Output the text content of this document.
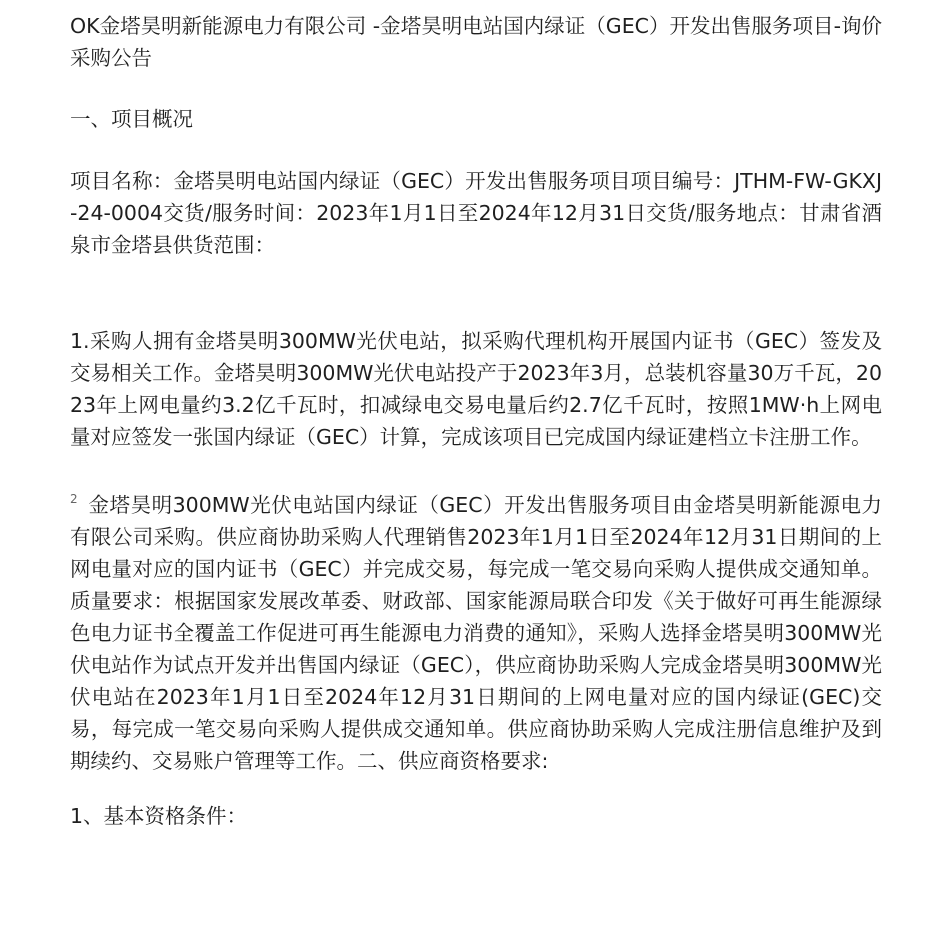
OK金塔昊明新能源电力有限公司 -金塔昊明电站国内绿证（GEC）开发出售服务项目-询价采购公告

一、项目概况

项目名称：金塔昊明电站国内绿证（GEC）开发出售服务项目项目编号：JTHM-FW-GKXJ-24-0004交货/服务时间：2023年1月1日至2024年12月31日交货/服务地点：甘肃省酒泉市金塔县供货范围：

1.采购人拥有金塔昊明300MW光伏电站，拟采购代理机构开展国内证书（GEC）签发及交易相关工作。金塔昊明300MW光伏电站投产于2023年3月，总装机容量30万千瓦，2023年上网电量约3.2亿千瓦时，扣减绿电交易电量后约2.7亿千瓦时，按照1MW·h上网电量对应签发一张国内绿证（GEC）计算，完成该项目已完成国内绿证建档立卡注册工作。

2 金塔昊明300MW光伏电站国内绿证（GEC）开发出售服务项目由金塔昊明新能源电力有限公司采购。供应商协助采购人代理销售2023年1月1日至2024年12月31日期间的上网电量对应的国内证书（GEC）并完成交易，每完成一笔交易向采购人提供成交通知单。质量要求：根据国家发展改革委、财政部、国家能源局联合印发《关于做好可再生能源绿色电力证书全覆盖工作促进可再生能源电力消费的通知》，采购人选择金塔昊明300MW光伏电站作为试点开发并出售国内绿证（GEC），供应商协助采购人完成金塔昊明300MW光伏电站在2023年1月1日至2024年12月31日期间的上网电量对应的国内绿证(GEC)交易，每完成一笔交易向采购人提供成交通知单。供应商协助采购人完成注册信息维护及到期续约、交易账户管理等工作。二、供应商资格要求:

1、基本资格条件：
